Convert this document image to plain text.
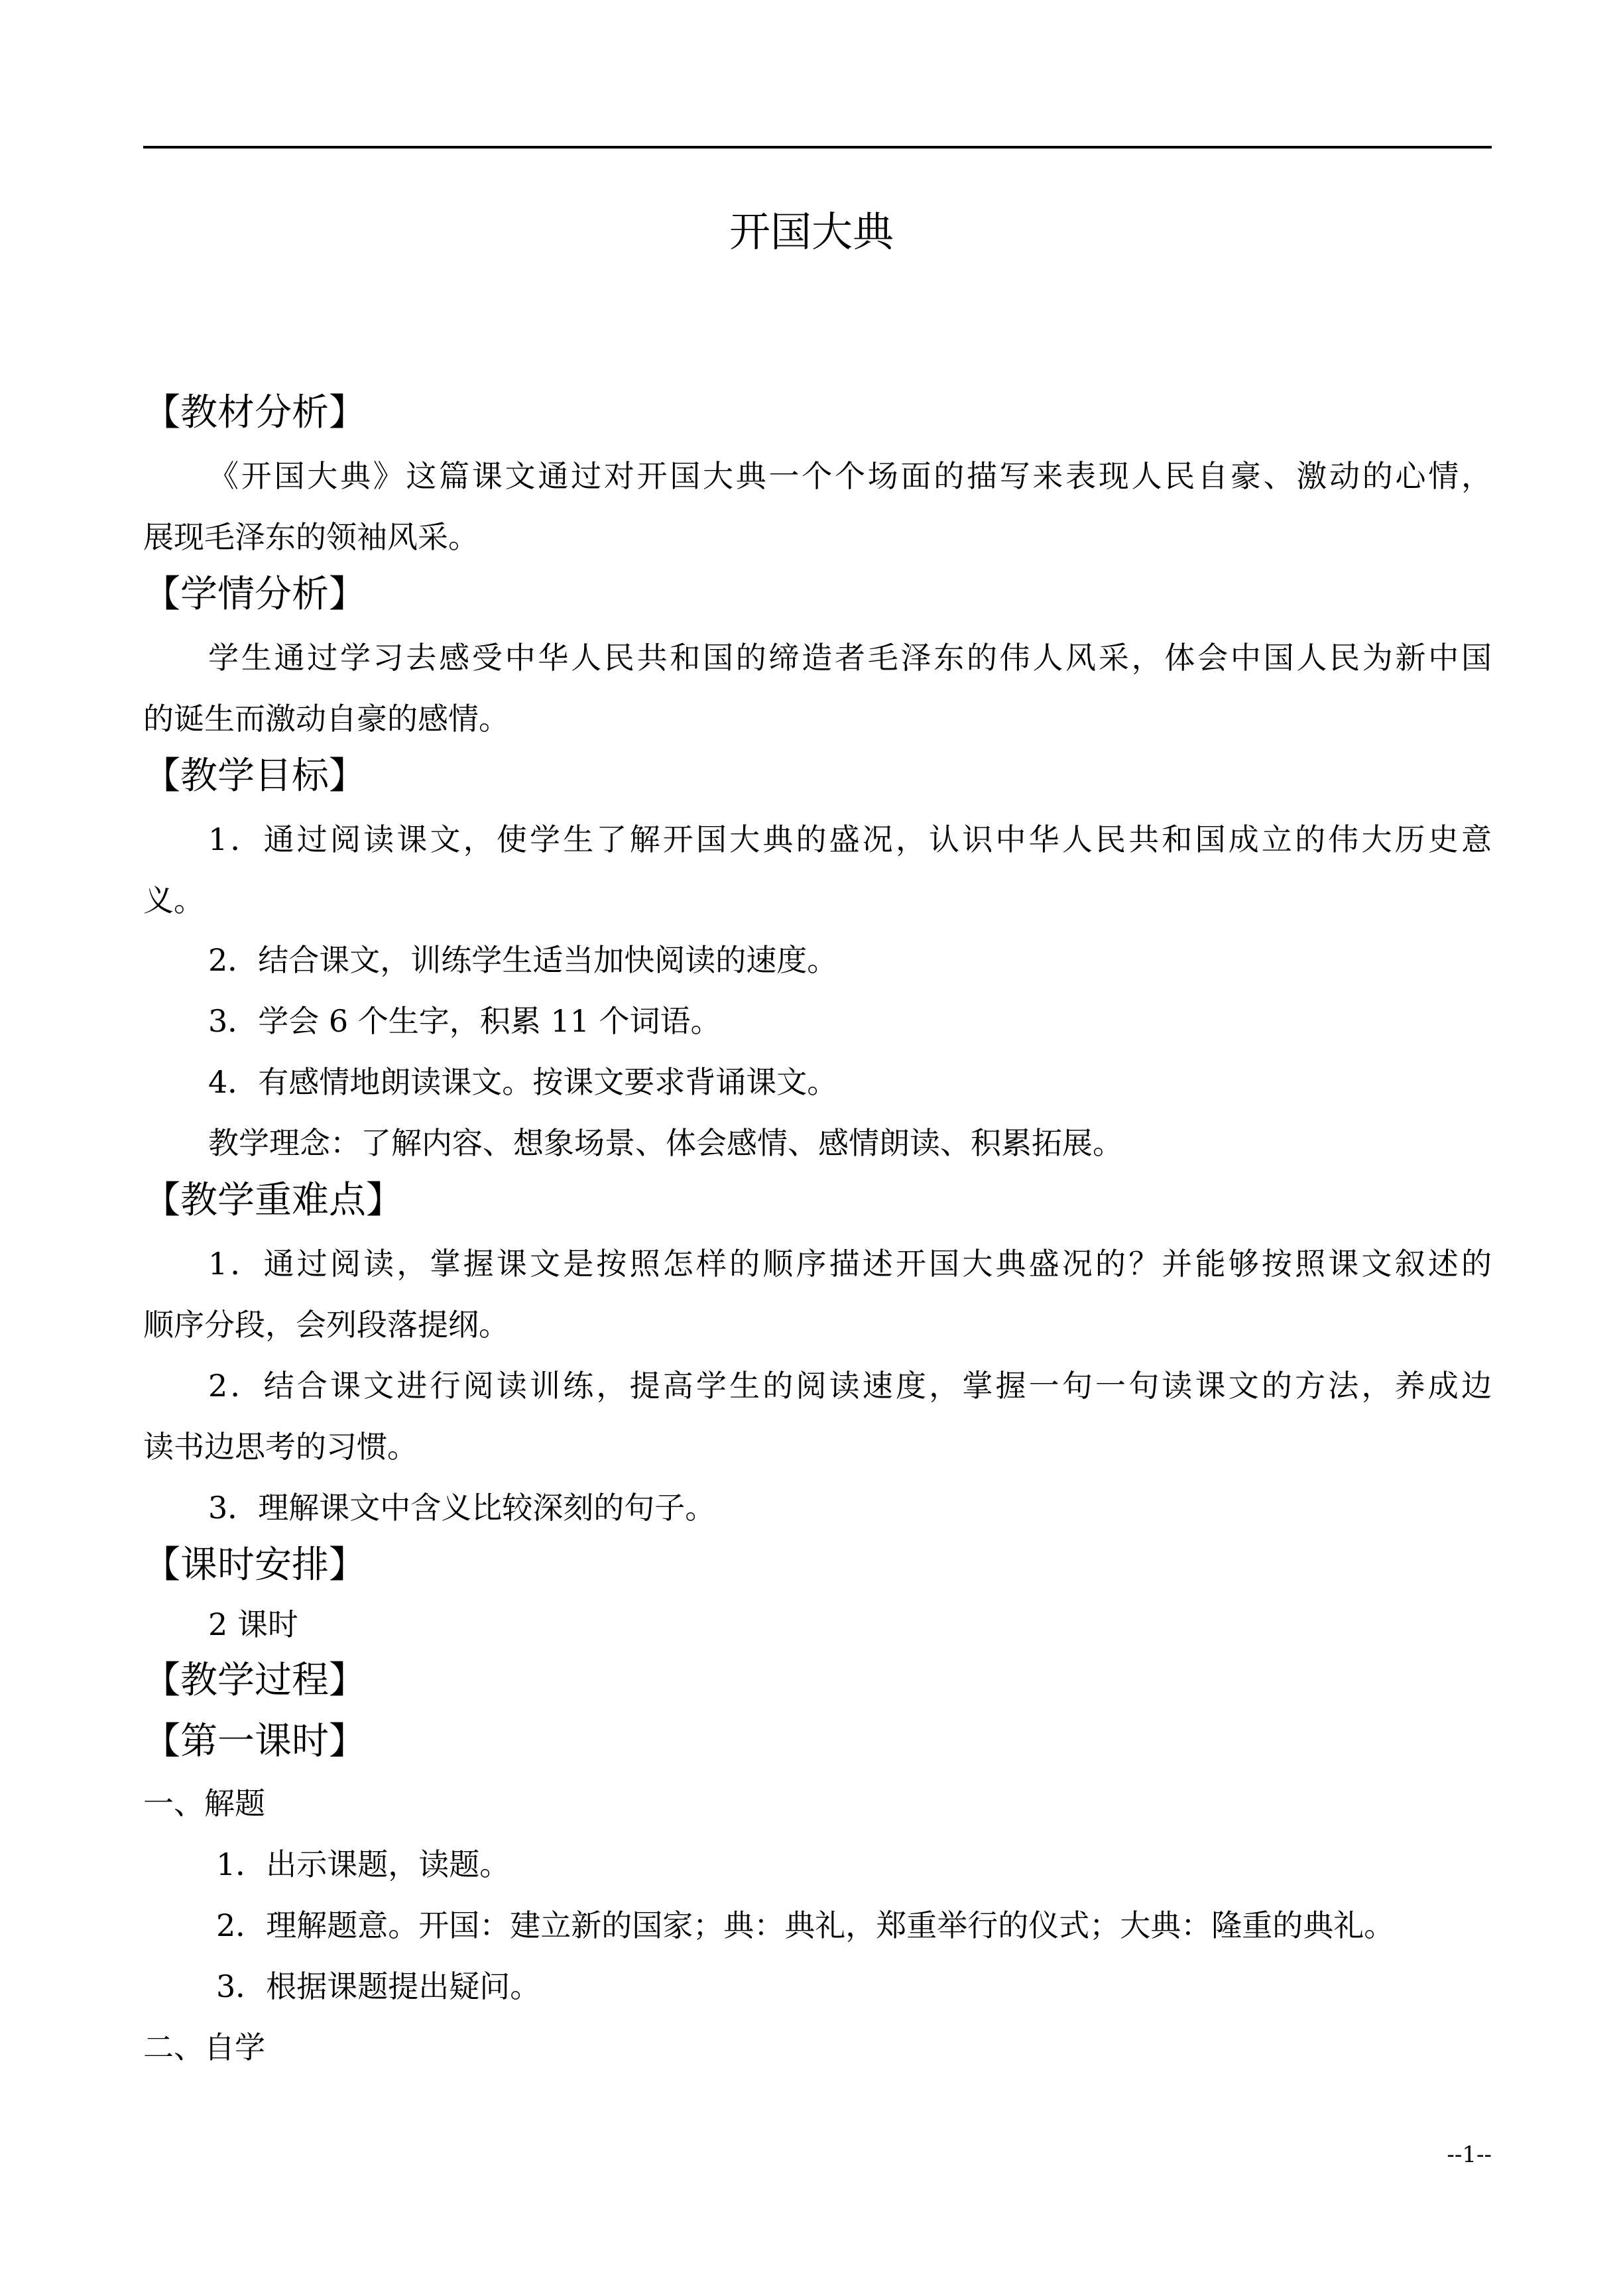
开国大典
【教材分析】
《开国大典》这篇课文通过对开国大典一个个场面的描写来表现人民自豪、激动的心情，
展现毛泽东的领袖风采。
【学情分析】
学生通过学习去感受中华人民共和国的缔造者毛泽东的伟人风采，体会中国人民为新中国
的诞生而激动自豪的感情。
【教学目标】
1．通过阅读课文，使学生了解开国大典的盛况，认识中华人民共和国成立的伟大历史意
义。
2．结合课文，训练学生适当加快阅读的速度。
3．学会 6 个生字，积累 11 个词语。
4．有感情地朗读课文。按课文要求背诵课文。
教学理念：了解内容、想象场景、体会感情、感情朗读、积累拓展。
【教学重难点】
1．通过阅读，掌握课文是按照怎样的顺序描述开国大典盛况的？并能够按照课文叙述的
顺序分段，会列段落提纲。
2．结合课文进行阅读训练，提高学生的阅读速度，掌握一句一句读课文的方法，养成边
读书边思考的习惯。
3．理解课文中含义比较深刻的句子。
【课时安排】
2 课时
【教学过程】
【第一课时】
一、解题
1．出示课题，读题。
2．理解题意。开国：建立新的国家；典：典礼，郑重举行的仪式；大典：隆重的典礼。
3．根据课题提出疑问。
二、自学
--1--
